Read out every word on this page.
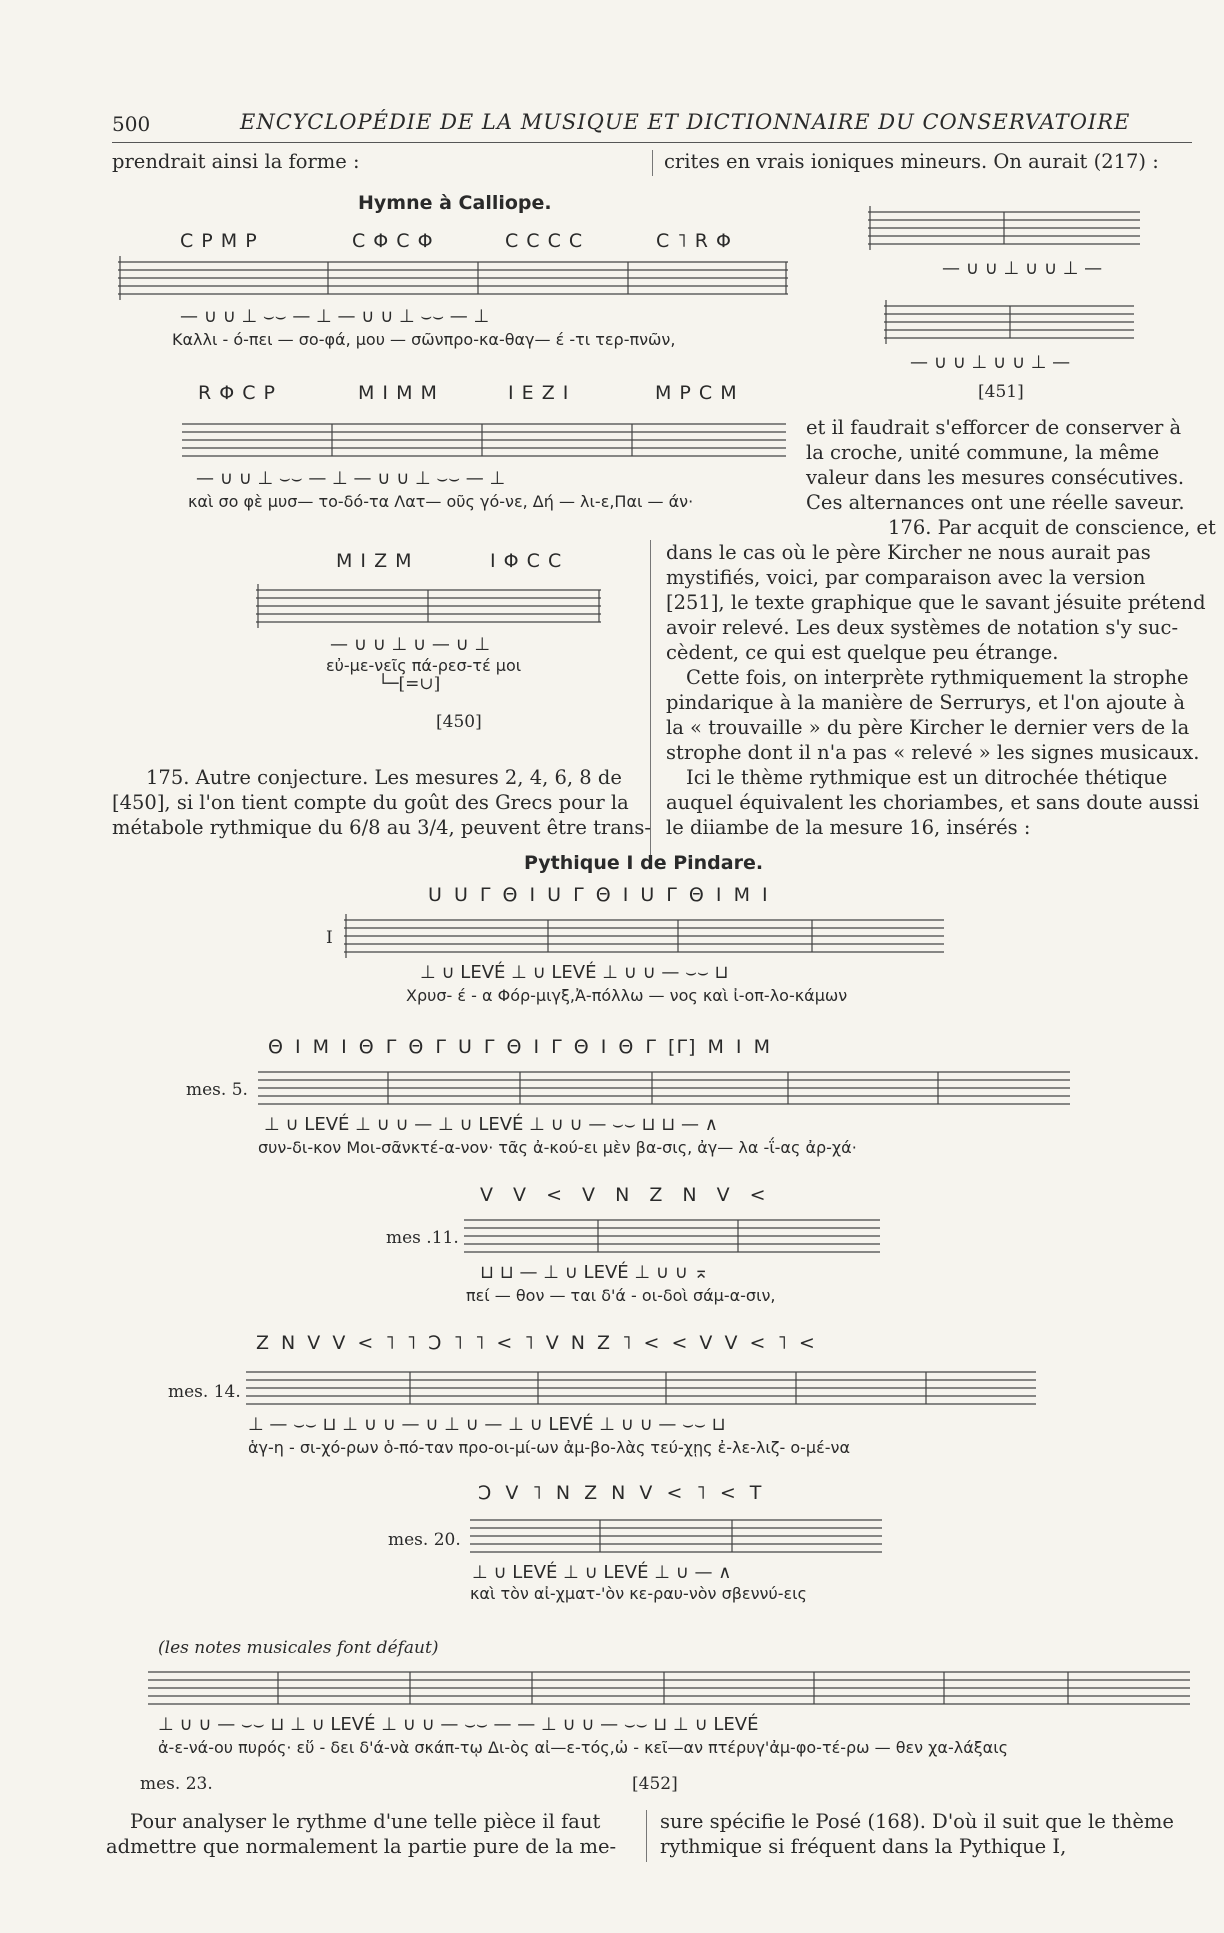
500	ENCYCLOPÉDIE DE LA MUSIQUE ET DICTIONNAIRE DU CONSERVATOIRE
prendrait ainsi la forme :	crites en vrais ioniques mineurs. On aurait (217) :
Hymne à Calliope.
C P M P	C Φ C Φ	C C C C	C ˥ R Φ
— ∪ ∪ ⊥ ⌣⌣ — ⊥ — ∪ ∪ ⊥ ⌣⌣ — ⊥
Καλλι - ό-πει — σο-φά, μου — σῶνπρο-κα-θαγ— έ -τι τερ-πνῶν,
R Φ C P	M I M M	I E Z I	M P C M
— ∪ ∪ ⊥ ⌣⌣ — ⊥ — ∪ ∪ ⊥ ⌣⌣ — ⊥
καὶ σο φὲ μυσ— το-δό-τα Λατ— οῦς γό-νε, Δή — λι-ε,Παι — άν·
M I Z M	I Φ C C
— ∪ ∪ ⊥ ∪ — ∪ ⊥
εὐ-με-νεῖς πά-ρεσ-τέ μοι
└─[=∪]
[450]
— ∪ ∪ ⊥ ∪ ∪ ⊥ —
— ∪ ∪ ⊥ ∪ ∪ ⊥ —
[451]
et il faudrait s'efforcer de conserver à
la croche, unité commune, la même
valeur dans les mesures consécutives.
Ces alternances ont une réelle saveur.
176. Par acquit de conscience, et
dans le cas où le père Kircher ne nous aurait pas
mystifiés, voici, par comparaison avec la version
[251], le texte graphique que le savant jésuite prétend
avoir relevé. Les deux systèmes de notation s'y suc-
cèdent, ce qui est quelque peu étrange.
Cette fois, on interprète rythmiquement la strophe
pindarique à la manière de Serrurys, et l'on ajoute à
la « trouvaille » du père Kircher le dernier vers de la
strophe dont il n'a pas « relevé » les signes musicaux.
Ici le thème rythmique est un ditrochée thétique
auquel équivalent les choriambes, et sans doute aussi
le diiambe de la mesure 16, insérés :
175. Autre conjecture. Les mesures 2, 4, 6, 8 de
[450], si l'on tient compte du goût des Grecs pour la
métabole rythmique du 6/8 au 3/4, peuvent être trans-
Pythique I de Pindare.
U U Γ Θ I U Γ Θ I U Γ Θ I M I
I
⊥ ∪ LEVÉ ⊥ ∪ LEVÉ ⊥ ∪ ∪ — ⌣⌣ ⊔
Χρυσ- έ - α Φόρ-μιγξ,Ἀ-πόλλω — νος καὶ ἰ-οπ-λο-κάμων
Θ I M I Θ Γ Θ Γ U Γ Θ I Γ Θ I Θ Γ [Γ] M I M
mes. 5.
⊥ ∪ LEVÉ ⊥ ∪ ∪ — ⊥ ∪ LEVÉ ⊥ ∪ ∪ — ⌣⌣ ⊔ ⊔ — ∧
συν-δι-κον Μοι-σᾶνκτέ-α-νον· τᾶς ἀ-κού-ει μὲν βα-σις, ἀγ— λα -ΐ-ας ἀρ-χά·
V V < V N Z N V <
mes .11.
⊔ ⊔ — ⊥ ∪ LEVÉ ⊥ ∪ ∪ ⌅
πεί — θον — ται δ'ά - οι-δοὶ σάμ-α-σιν,
Z N V V < ˥ ˥ Ͻ ˥ ˥ < ˥ V N Z ˥ < < V V < ˥ <
mes. 14.
⊥ — ⌣⌣ ⊔ ⊥ ∪ ∪ — ∪ ⊥ ∪ — ⊥ ∪ LEVÉ ⊥ ∪ ∪ — ⌣⌣ ⊔
ἁγ-η - σι-χό-ρων ὁ-πό-ταν προ-οι-μί-ων ἀμ-βο-λὰς τεύ-χῃς ἐ-λε-λιζ- ο-μέ-να
Ͻ V ˥ N Z N V < ˥ < T
mes. 20.
⊥ ∪ LEVÉ ⊥ ∪ LEVÉ ⊥ ∪ — ∧
καὶ τὸν αἰ-χματ-'ὸν κε-ραυ-νὸν σβεννύ-εις
(les notes musicales font défaut)
⊥ ∪ ∪ — ⌣⌣ ⊔ ⊥ ∪ LEVÉ ⊥ ∪ ∪ — ⌣⌣ — — ⊥ ∪ ∪ — ⌣⌣ ⊔ ⊥ ∪ LEVÉ
ἀ-ε-νά-ου πυρός· εὕ - δει δ'ά-νὰ σκάπ-τῳ Δι-ὸς αἰ—ε-τός,ὠ - κεῖ—αν πτέρυγ'ἀμ-φο-τέ-ρω — θεν χα-λάξαις
mes. 23.	[452]
Pour analyser le rythme d'une telle pièce il faut
admettre que normalement la partie pure de la me-
sure spécifie le Posé (168). D'où il suit que le thème
rythmique si fréquent dans la Pythique I,
